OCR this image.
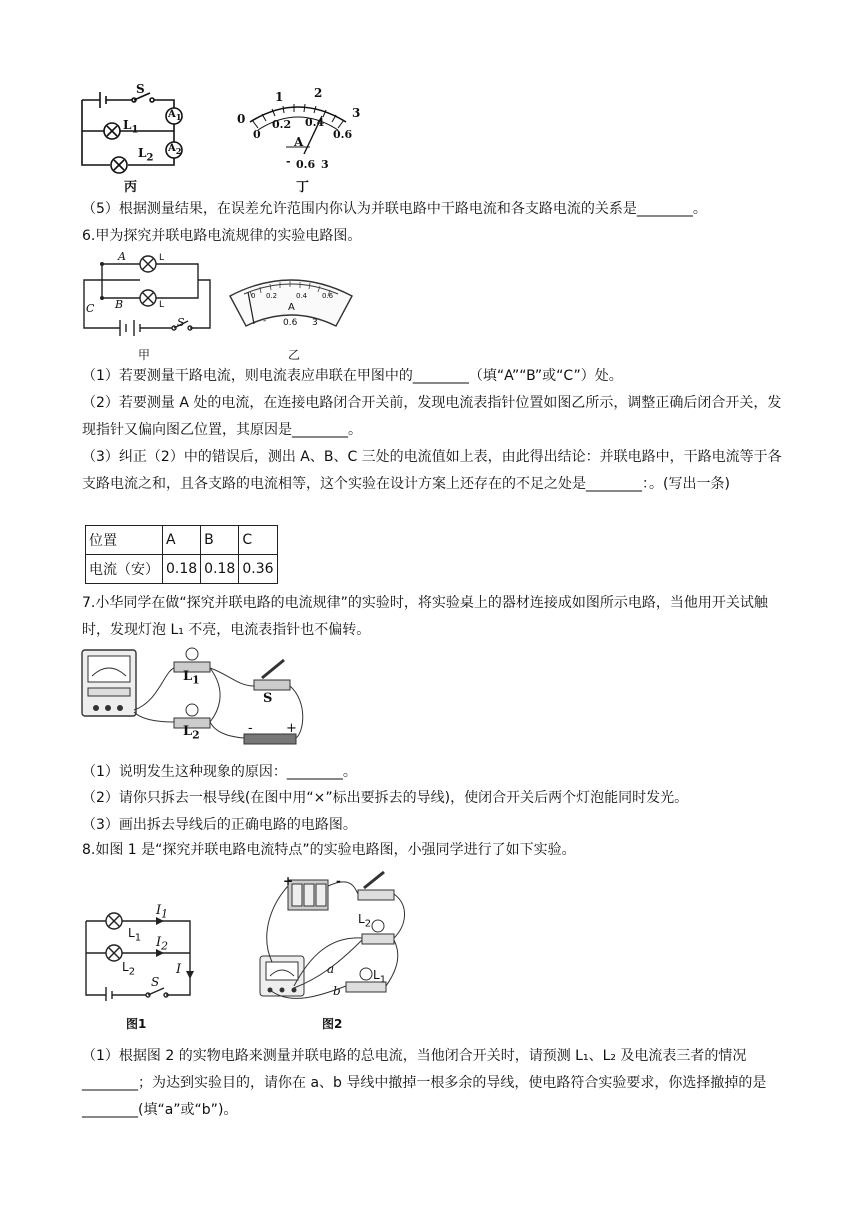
S
$L_1$
$L_2$
$A_1$
$A_2$
丙
0
1	2
3
0
0.2 0.4
0.6
A
- 0.6 3
丁
（5）根据测量结果，在误差允许范围内你认为并联电路中干路电流和各支路电流的关系是________。
6.甲为探究并联电路电流规律的实验电路图。
A
B
C
L
L
S
甲
0 0.2	0.4 0.6
A
- 0.6 3
乙
（1）若要测量干路电流，则电流表应串联在甲图中的________（填“A”“B”或“C”）处。
（2）若要测量 A 处的电流，在连接电路闭合开关前，发现电流表指针位置如图乙所示，调整正确后闭合开关，发现指针又偏向图乙位置，其原因是________。
（3）纠正（2）中的错误后，测出 A、B、C 三处的电流值如上表，由此得出结论：并联电路中，干路电流等于各支路电流之和，且各支路的电流相等，这个实验在设计方案上还存在的不足之处是________：。(写出一条)
位置	A	B	C
电流（安）	0.18	0.18	0.36
7.小华同学在做“探究并联电路的电流规律”的实验时，将实验桌上的器材连接成如图所示电路，当他用开关试触时，发现灯泡 L₁ 不亮，电流表指针也不偏转。
$L_1$
$L_2$
S
-	+
（1）说明发生这种现象的原因：________。
（2）请你只拆去一根导线(在图中用“×”标出要拆去的导线)，使闭合开关后两个灯泡能同时发光。
（3）画出拆去导线后的正确电路的电路图。
8.如图 1 是“探究并联电路电流特点”的实验电路图，小强同学进行了如下实验。
$I_1$
$I_2$
I
$L_1$
$L_2$
S
图1
+	-
$L_2$
$L_1$
a
b
图2
（1）根据图 2 的实物电路来测量并联电路的总电流，当他闭合开关时，请预测 L₁、L₂ 及电流表三者的情况________；为达到实验目的，请你在 a、b 导线中撤掉一根多余的导线，使电路符合实验要求，你选择撤掉的是________(填“a”或“b”)。
